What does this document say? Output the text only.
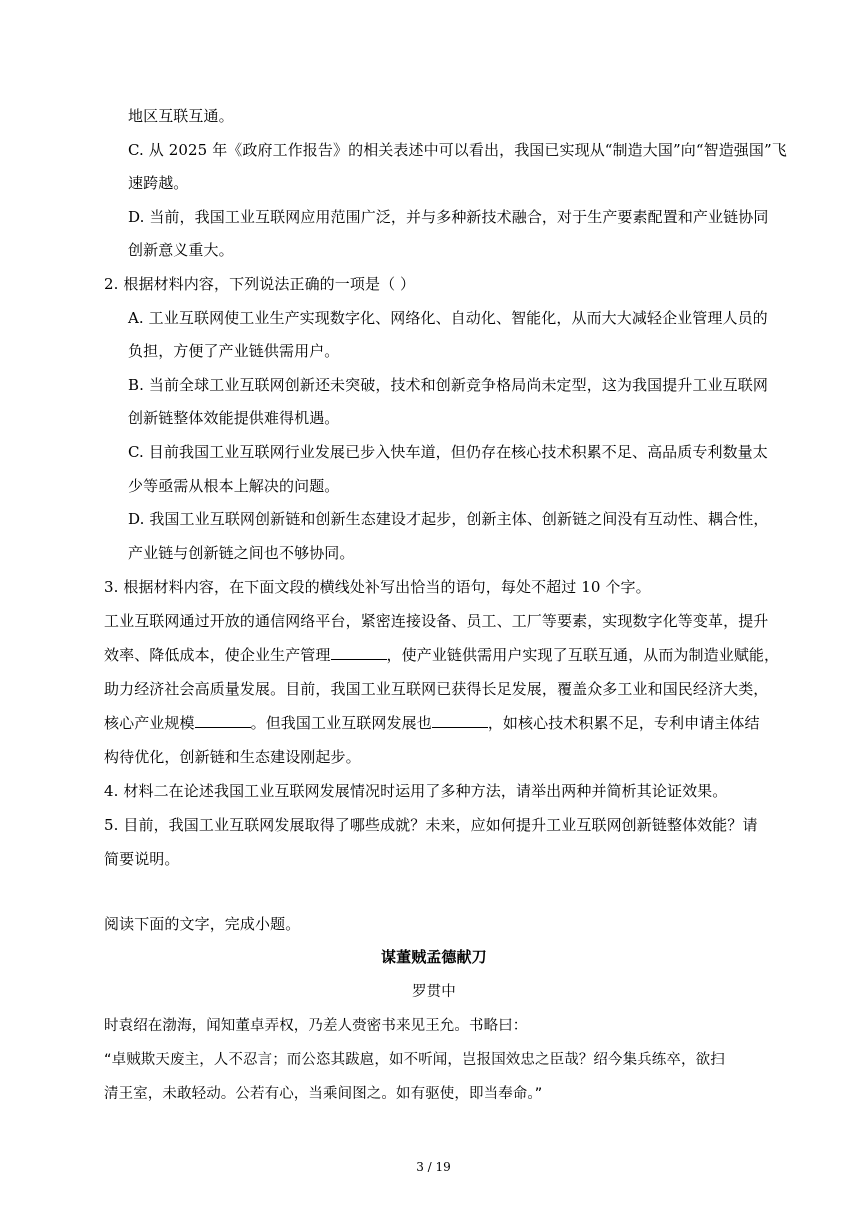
地区互联互通。
C. 从 2025 年《政府工作报告》的相关表述中可以看出，我国已实现从“制造大国”向“智造强国”飞
速跨越。
D. 当前，我国工业互联网应用范围广泛，并与多种新技术融合，对于生产要素配置和产业链协同
创新意义重大。
2. 根据材料内容，下列说法正确的一项是（ ）
A. 工业互联网使工业生产实现数字化、网络化、自动化、智能化，从而大大减轻企业管理人员的
负担，方便了产业链供需用户。
B. 当前全球工业互联网创新还未突破，技术和创新竞争格局尚未定型，这为我国提升工业互联网
创新链整体效能提供难得机遇。
C. 目前我国工业互联网行业发展已步入快车道，但仍存在核心技术积累不足、高品质专利数量太
少等亟需从根本上解决的问题。
D. 我国工业互联网创新链和创新生态建设才起步，创新主体、创新链之间没有互动性、耦合性，
产业链与创新链之间也不够协同。
3. 根据材料内容，在下面文段的横线处补写出恰当的语句，每处不超过 10 个字。
工业互联网通过开放的通信网络平台，紧密连接设备、员工、工厂等要素，实现数字化等变革，提升
效率、降低成本，使企业生产管理	，使产业链供需用户实现了互联互通，从而为制造业赋能，
助力经济社会高质量发展。目前，我国工业互联网已获得长足发展，覆盖众多工业和国民经济大类，
核心产业规模	。但我国工业互联网发展也	，如核心技术积累不足，专利申请主体结
构待优化，创新链和生态建设刚起步。
4. 材料二在论述我国工业互联网发展情况时运用了多种方法，请举出两种并简析其论证效果。
5. 目前，我国工业互联网发展取得了哪些成就？未来，应如何提升工业互联网创新链整体效能？请
简要说明。
阅读下面的文字，完成小题。
谋董贼孟德献刀
罗贯中
时袁绍在渤海，闻知董卓弄权，乃差人赍密书来见王允。书略曰：
“卓贼欺天废主，人不忍言；而公恣其跋扈，如不听闻，岂报国效忠之臣哉？绍今集兵练卒，欲扫
清王室，未敢轻动。公若有心，当乘间图之。如有驱使，即当奉命。”
3 / 19
